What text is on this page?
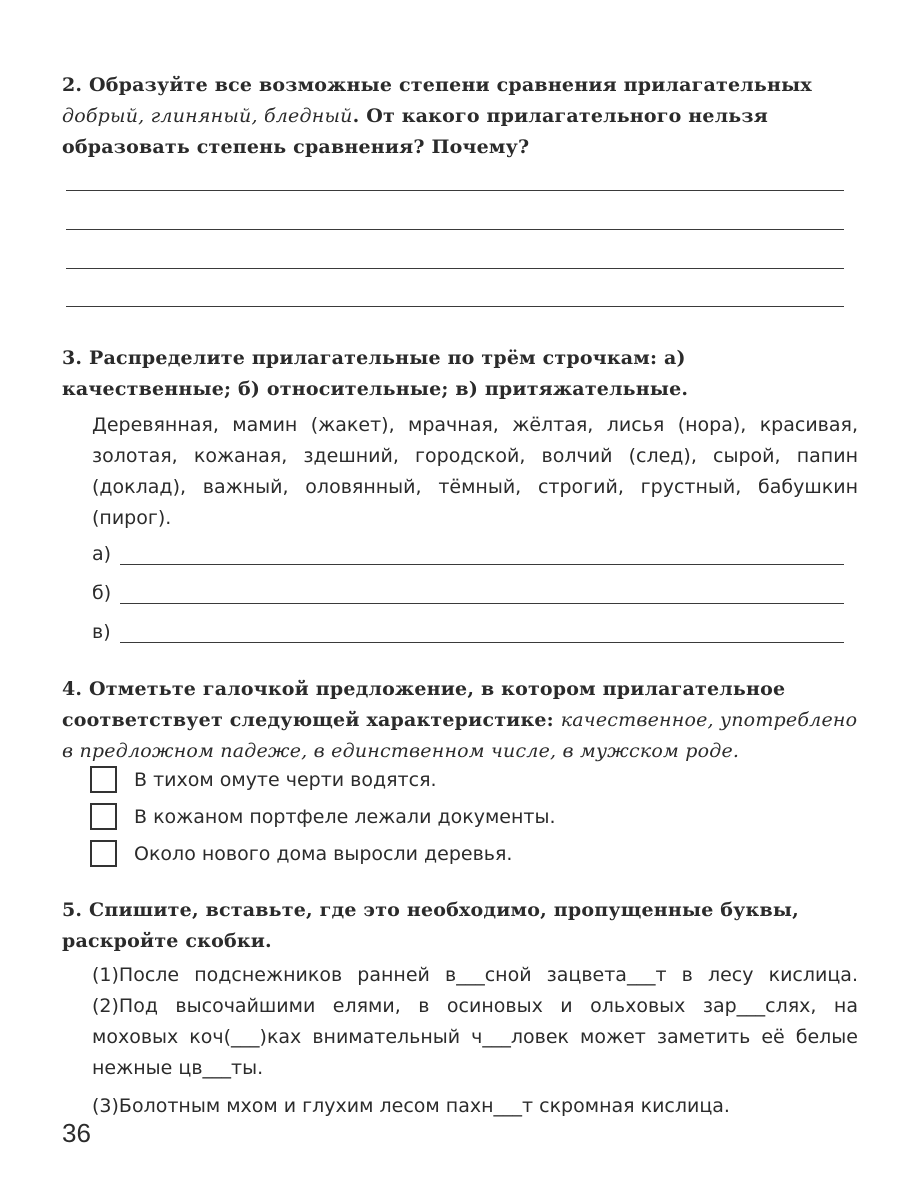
2. Образуйте все возможные степени сравнения прилагательных добрый, глиняный, бледный. От какого прилагательного нельзя образовать степень сравнения? Почему?
3. Распределите прилагательные по трём строчкам: а) качественные; б) относительные; в) притяжательные.
Деревянная, мамин (жакет), мрачная, жёлтая, лисья (нора), красивая, золотая, кожаная, здешний, городской, волчий (след), сырой, папин (доклад), важный, оловянный, тёмный, строгий, грустный, бабушкин (пирог).
а)
б)
в)
4. Отметьте галочкой предложение, в котором прилагательное соответствует следующей характеристике: качественное, употреблено в предложном падеже, в единственном числе, в мужском роде.
В тихом омуте черти водятся.
В кожаном портфеле лежали документы.
Около нового дома выросли деревья.
5. Спишите, вставьте, где это необходимо, пропущенные буквы, раскройте скобки.
(1)После подснежников ранней в___сной зацвета___т в лесу кислица. (2)Под высочайшими елями, в осиновых и ольховых зар___слях, на моховых коч(___)ках внимательный ч___ловек может заметить её белые нежные цв___ты.
(3)Болотным мхом и глухим лесом пахн___т скромная кислица.
36
